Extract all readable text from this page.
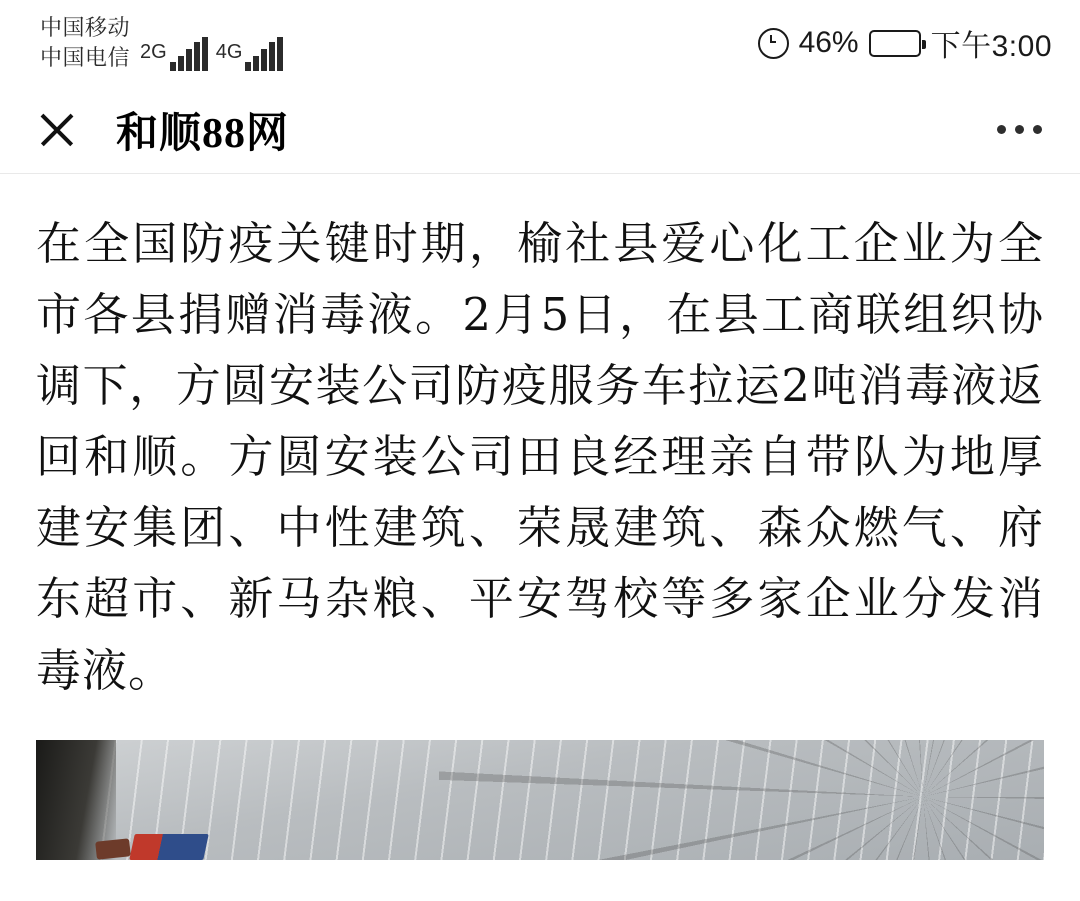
中国移动
中国电信 2G 4G	46% 下午3:00
和顺88网

在全国防疫关键时期，榆社县爱心化工企业为全市各县捐赠消毒液。2月5日，在县工商联组织协调下，方圆安装公司防疫服务车拉运2吨消毒液返回和顺。方圆安装公司田良经理亲自带队为地厚建安集团、中性建筑、荣晟建筑、森众燃气、府东超市、新马杂粮、平安驾校等多家企业分发消毒液。
